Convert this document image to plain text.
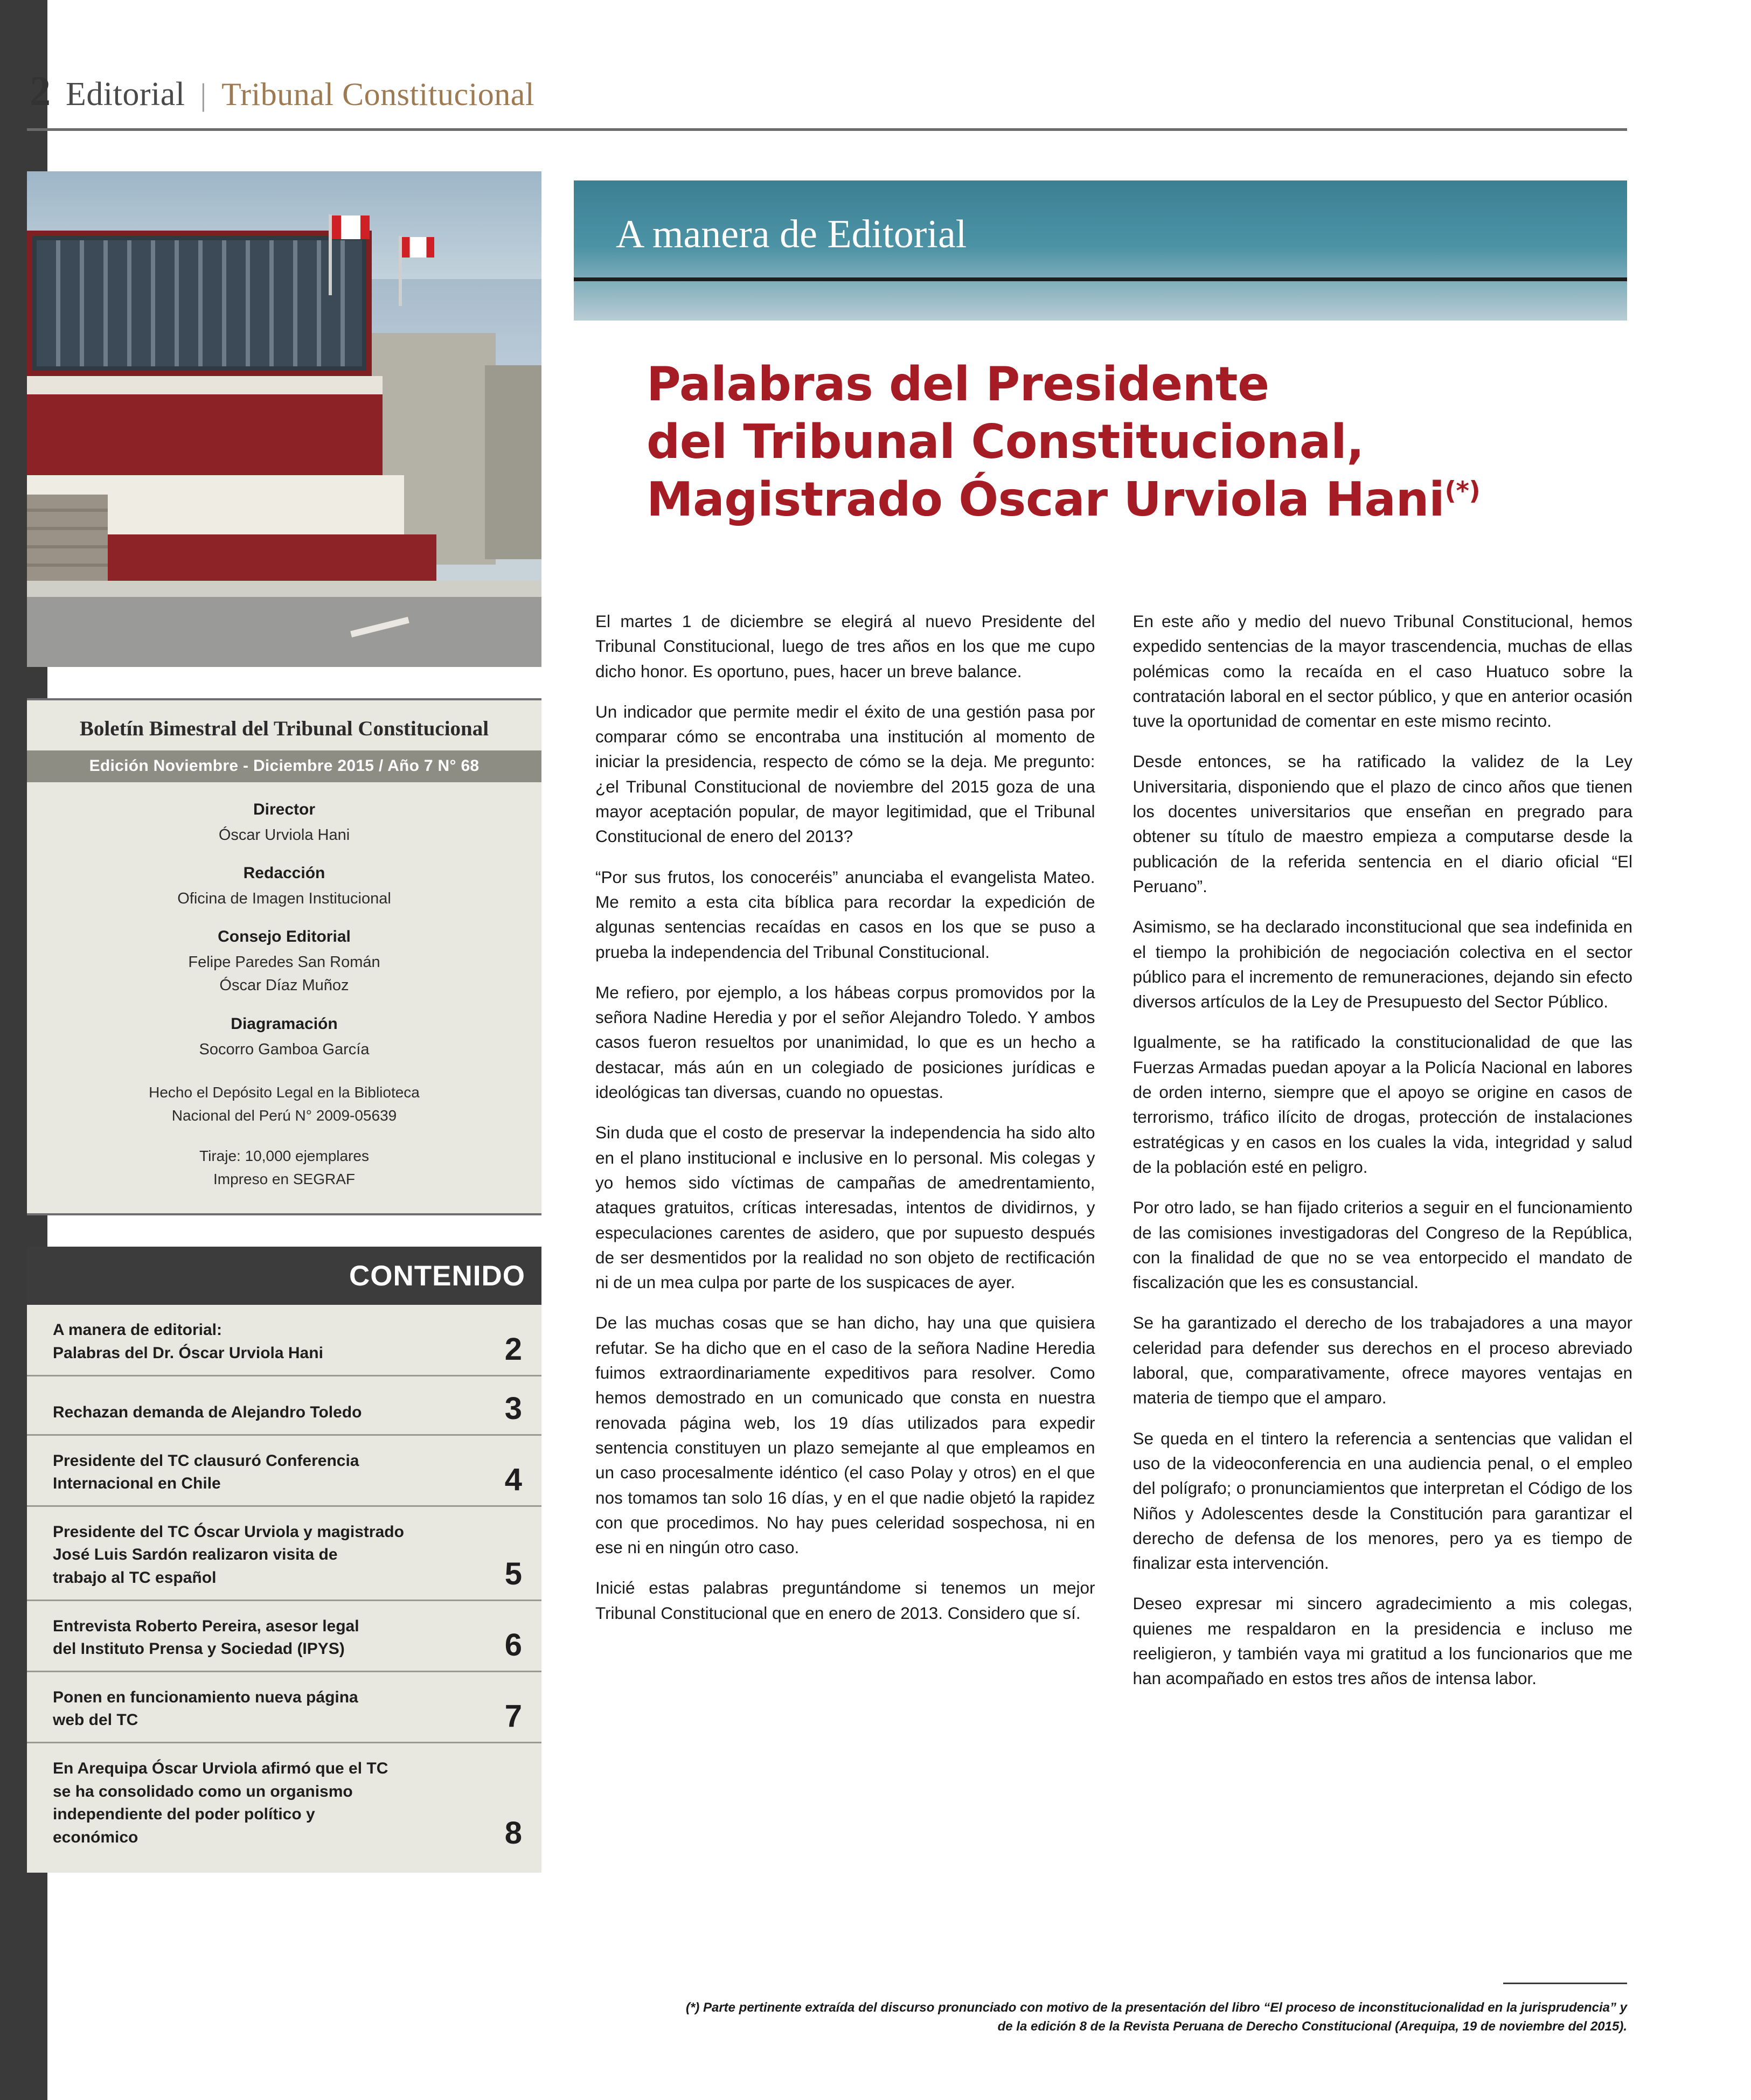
2 Editorial | Tribunal Constitucional
Boletín Bimestral del Tribunal Constitucional
Edición Noviembre - Diciembre 2015 / Año 7 N° 68
Director
Óscar Urviola Hani
Redacción
Oficina de Imagen Institucional
Consejo Editorial
Felipe Paredes San Román
Óscar Díaz Muñoz
Diagramación
Socorro Gamboa García
Hecho el Depósito Legal en la Biblioteca
Nacional del Perú N° 2009-05639
Tiraje: 10,000 ejemplares
Impreso en SEGRAF
CONTENIDO
A manera de editorial:
Palabras del Dr. Óscar Urviola Hani	2
Rechazan demanda de Alejandro Toledo	3
Presidente del TC clausuró Conferencia
Internacional en Chile	4
Presidente del TC Óscar Urviola y magistrado
José Luis Sardón realizaron visita de
trabajo al TC español	5
Entrevista Roberto Pereira, asesor legal
del Instituto Prensa y Sociedad (IPYS)	6
Ponen en funcionamiento nueva página
web del TC	7
En Arequipa Óscar Urviola afirmó que el TC
se ha consolidado como un organismo
independiente del poder político y
económico	8
A manera de Editorial
Palabras del Presidente
del Tribunal Constitucional,
Magistrado Óscar Urviola Hani(*)

El martes 1 de diciembre se elegirá al nuevo Presidente del Tribunal Constitucional, luego de tres años en los que me cupo dicho honor. Es oportuno, pues, hacer un breve balance.

Un indicador que permite medir el éxito de una gestión pasa por comparar cómo se encontraba una institución al momento de iniciar la presidencia, respecto de cómo se la deja. Me pregunto: ¿el Tribunal Constitucional de noviembre del 2015 goza de una mayor aceptación popular, de mayor legitimidad, que el Tribunal Constitucional de enero del 2013?

“Por sus frutos, los conoceréis” anunciaba el evangelista Mateo. Me remito a esta cita bíblica para recordar la expedición de algunas sentencias recaídas en casos en los que se puso a prueba la independencia del Tribunal Constitucional.

Me refiero, por ejemplo, a los hábeas corpus promovidos por la señora Nadine Heredia y por el señor Alejandro Toledo. Y ambos casos fueron resueltos por unanimidad, lo que es un hecho a destacar, más aún en un colegiado de posiciones jurídicas e ideológicas tan diversas, cuando no opuestas.

Sin duda que el costo de preservar la independencia ha sido alto en el plano institucional e inclusive en lo personal. Mis colegas y yo hemos sido víctimas de campañas de amedrentamiento, ataques gratuitos, críticas interesadas, intentos de dividirnos, y especulaciones carentes de asidero, que por supuesto después de ser desmentidos por la realidad no son objeto de rectificación ni de un mea culpa por parte de los suspicaces de ayer.

De las muchas cosas que se han dicho, hay una que quisiera refutar. Se ha dicho que en el caso de la señora Nadine Heredia fuimos extraordinariamente expeditivos para resolver. Como hemos demostrado en un comunicado que consta en nuestra renovada página web, los 19 días utilizados para expedir sentencia constituyen un plazo semejante al que empleamos en un caso procesalmente idéntico (el caso Polay y otros) en el que nos tomamos tan solo 16 días, y en el que nadie objetó la rapidez con que procedimos. No hay pues celeridad sospechosa, ni en ese ni en ningún otro caso.

Inicié estas palabras preguntándome si tenemos un mejor Tribunal Constitucional que en enero de 2013. Considero que sí.

En este año y medio del nuevo Tribunal Constitucional, hemos expedido sentencias de la mayor trascendencia, muchas de ellas polémicas como la recaída en el caso Huatuco sobre la contratación laboral en el sector público, y que en anterior ocasión tuve la oportunidad de comentar en este mismo recinto.

Desde entonces, se ha ratificado la validez de la Ley Universitaria, disponiendo que el plazo de cinco años que tienen los docentes universitarios que enseñan en pregrado para obtener su título de maestro empieza a computarse desde la publicación de la referida sentencia en el diario oficial “El Peruano”.

Asimismo, se ha declarado inconstitucional que sea indefinida en el tiempo la prohibición de negociación colectiva en el sector público para el incremento de remuneraciones, dejando sin efecto diversos artículos de la Ley de Presupuesto del Sector Público.

Igualmente, se ha ratificado la constitucionalidad de que las Fuerzas Armadas puedan apoyar a la Policía Nacional en labores de orden interno, siempre que el apoyo se origine en casos de terrorismo, tráfico ilícito de drogas, protección de instalaciones estratégicas y en casos en los cuales la vida, integridad y salud de la población esté en peligro.

Por otro lado, se han fijado criterios a seguir en el funcionamiento de las comisiones investigadoras del Congreso de la República, con la finalidad de que no se vea entorpecido el mandato de fiscalización que les es consustancial.

Se ha garantizado el derecho de los trabajadores a una mayor celeridad para defender sus derechos en el proceso abreviado laboral, que, comparativamente, ofrece mayores ventajas en materia de tiempo que el amparo.

Se queda en el tintero la referencia a sentencias que validan el uso de la videoconferencia en una audiencia penal, o el empleo del polígrafo; o pronunciamientos que interpretan el Código de los Niños y Adolescentes desde la Constitución para garantizar el derecho de defensa de los menores, pero ya es tiempo de finalizar esta intervención.

Deseo expresar mi sincero agradecimiento a mis colegas, quienes me respaldaron en la presidencia e incluso me reeligieron, y también vaya mi gratitud a los funcionarios que me han acompañado en estos tres años de intensa labor.

(*) Parte pertinente extraída del discurso pronunciado con motivo de la presentación del libro “El proceso de inconstitucionalidad en la jurisprudencia” y de la edición 8 de la Revista Peruana de Derecho Constitucional (Arequipa, 19 de noviembre del 2015).
